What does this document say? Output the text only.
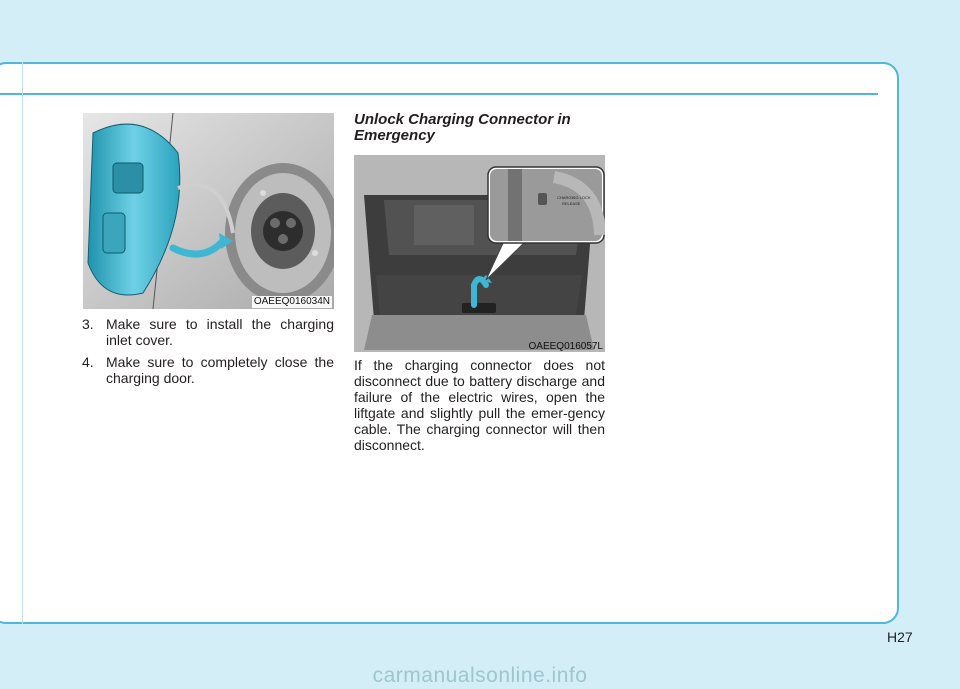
OAEEQ016034N
3. Make sure to install the charging inlet cover.
4. Make sure to completely close the charging door.
Unlock Charging Connector in Emergency
CHARGING LOCK
RELEASE
OAEEQ016057L

If the charging connector does not disconnect due to battery discharge and failure of the electric wires, open the liftgate and slightly pull the emer-gency cable. The charging connector will then disconnect.

H27
carmanualsonline.info
